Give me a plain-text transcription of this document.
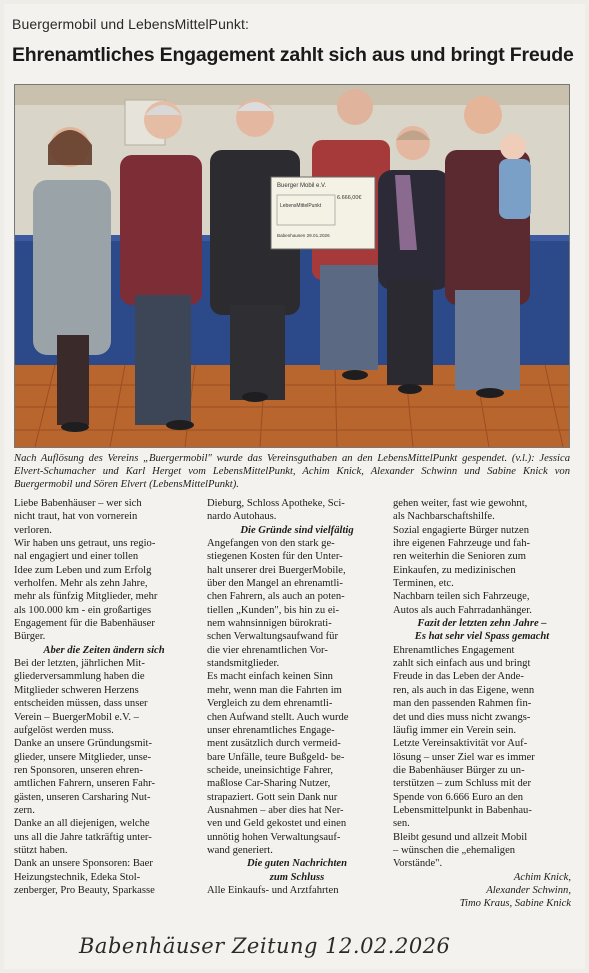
Buergermobil und LebensMittelPunkt:
Ehrenamtliches Engagement zahlt sich aus und bringt Freude
Buerger Mobil e.V.
LebensMittelPunkt
6.666,00€
Babenhausen 29.01.2026
Nach Auflösung des Vereins „Buergermobil" wurde das Vereinsguthaben an den LebensMittelPunkt gespendet. (v.l.): Jessica Elvert-Schumacher und Karl Herget vom LebensMittelPunkt, Achim Knick, Alexander Schwinn und Sabine Knick von Buergermobil und Sören Elvert (LebensMittelPunkt).

Liebe Babenhäuser – wer sich

nicht traut, hat von vornerein

verloren.

Wir haben uns getraut, uns regio-

nal engagiert und einer tollen

Idee zum Leben und zum Erfolg

verholfen. Mehr als zehn Jahre,

mehr als fünfzig Mitglieder, mehr

als 100.000 km - ein großartiges

Engagement für die Babenhäuser

Bürger.

Aber die Zeiten ändern sich

Bei der letzten, jährlichen Mit-

gliederversammlung haben die

Mitglieder schweren Herzens

entscheiden müssen, dass unser

Verein – BuergerMobil e.V. –

aufgelöst werden muss.

Danke an unsere Gründungsmit-

glieder, unsere Mitglieder, unse-

ren Sponsoren, unseren ehren-

amtlichen Fahrern, unseren Fahr-

gästen, unseren Carsharing Nut-

zern.

Danke an all diejenigen, welche

uns all die Jahre tatkräftig unter-

stützt haben.

Dank an unsere Sponsoren: Baer

Heizungstechnik, Edeka Stol-

zenberger, Pro Beauty, Sparkasse

Dieburg, Schloss Apotheke, Sci-

nardo Autohaus.

Die Gründe sind vielfältig

Angefangen von den stark ge-

stiegenen Kosten für den Unter-

halt unserer drei BuergerMobile,

über den Mangel an ehrenamtli-

chen Fahrern, als auch an poten-

tiellen „Kunden", bis hin zu ei-

nem wahnsinnigen bürokrati-

schen Verwaltungsaufwand für

die vier ehrenamtlichen Vor-

standsmitglieder.

Es macht einfach keinen Sinn

mehr, wenn man die Fahrten im

Vergleich zu dem ehrenamtli-

chen Aufwand stellt. Auch wurde

unser ehrenamtliches Engage-

ment zusätzlich durch vermeid-

bare Unfälle, teure Bußgeld- be-

scheide, uneinsichtige Fahrer,

maßlose Car-Sharing Nutzer,

strapaziert. Gott sein Dank nur

Ausnahmen – aber dies hat Ner-

ven und Geld gekostet und einen

unnötig hohen Verwaltungsauf-

wand generiert.

Die guten Nachrichten

zum Schluss

Alle Einkaufs- und Arztfahrten

gehen weiter, fast wie gewohnt,

als Nachbarschaftshilfe.

Sozial engagierte Bürger nutzen

ihre eigenen Fahrzeuge und fah-

ren weiterhin die Senioren zum

Einkaufen, zu medizinischen

Terminen, etc.

Nachbarn teilen sich Fahrzeuge,

Autos als auch Fahrradanhänger.

Fazit der letzten zehn Jahre –

Es hat sehr viel Spass gemacht

Ehrenamtliches Engagement

zahlt sich einfach aus und bringt

Freude in das Leben der Ande-

ren, als auch in das Eigene, wenn

man den passenden Rahmen fin-

det und dies muss nicht zwangs-

läufig immer ein Verein sein.

Letzte Vereinsaktivität vor Auf-

lösung – unser Ziel war es immer

die Babenhäuser Bürger zu un-

terstützen – zum Schluss mit der

Spende von 6.666 Euro an den

Lebensmittelpunkt in Babenhau-

sen.

Bleibt gesund und allzeit Mobil

– wünschen die „ehemaligen

Vorstände".

Achim Knick,

Alexander Schwinn,

Timo Kraus, Sabine Knick

Babenhäuser Zeitung 12.02.2026
